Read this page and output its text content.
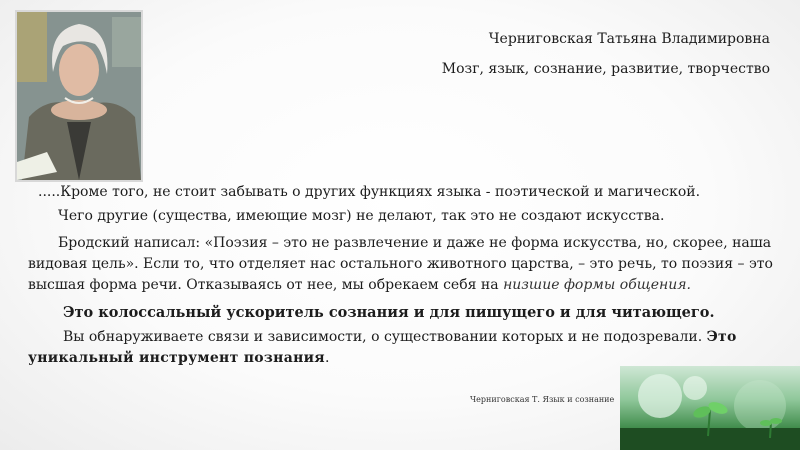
Черниговская Татьяна Владимировна
Мозг, язык, сознание, развитие, творчество

.....Кроме того, не стоит забывать о других функциях языка - поэтической и магической.

Чего другие (существа, имеющие мозг) не делают, так это не создают искусства.

Бродский написал: «Поэзия – это не развлечение и даже не форма искусства, но, скорее, наша видовая цель». Если то, что отделяет нас остального животного царства, – это речь, то поэзия – это высшая форма речи. Отказываясь от нее, мы обрекаем себя на низшие формы общения.

Это колоссальный ускоритель сознания и для пишущего и для читающего.

Вы обнаруживаете связи и зависимости, о существовании которых и не подозревали. Это уникальный инструмент познания.

Черниговская Т. Язык и сознание
